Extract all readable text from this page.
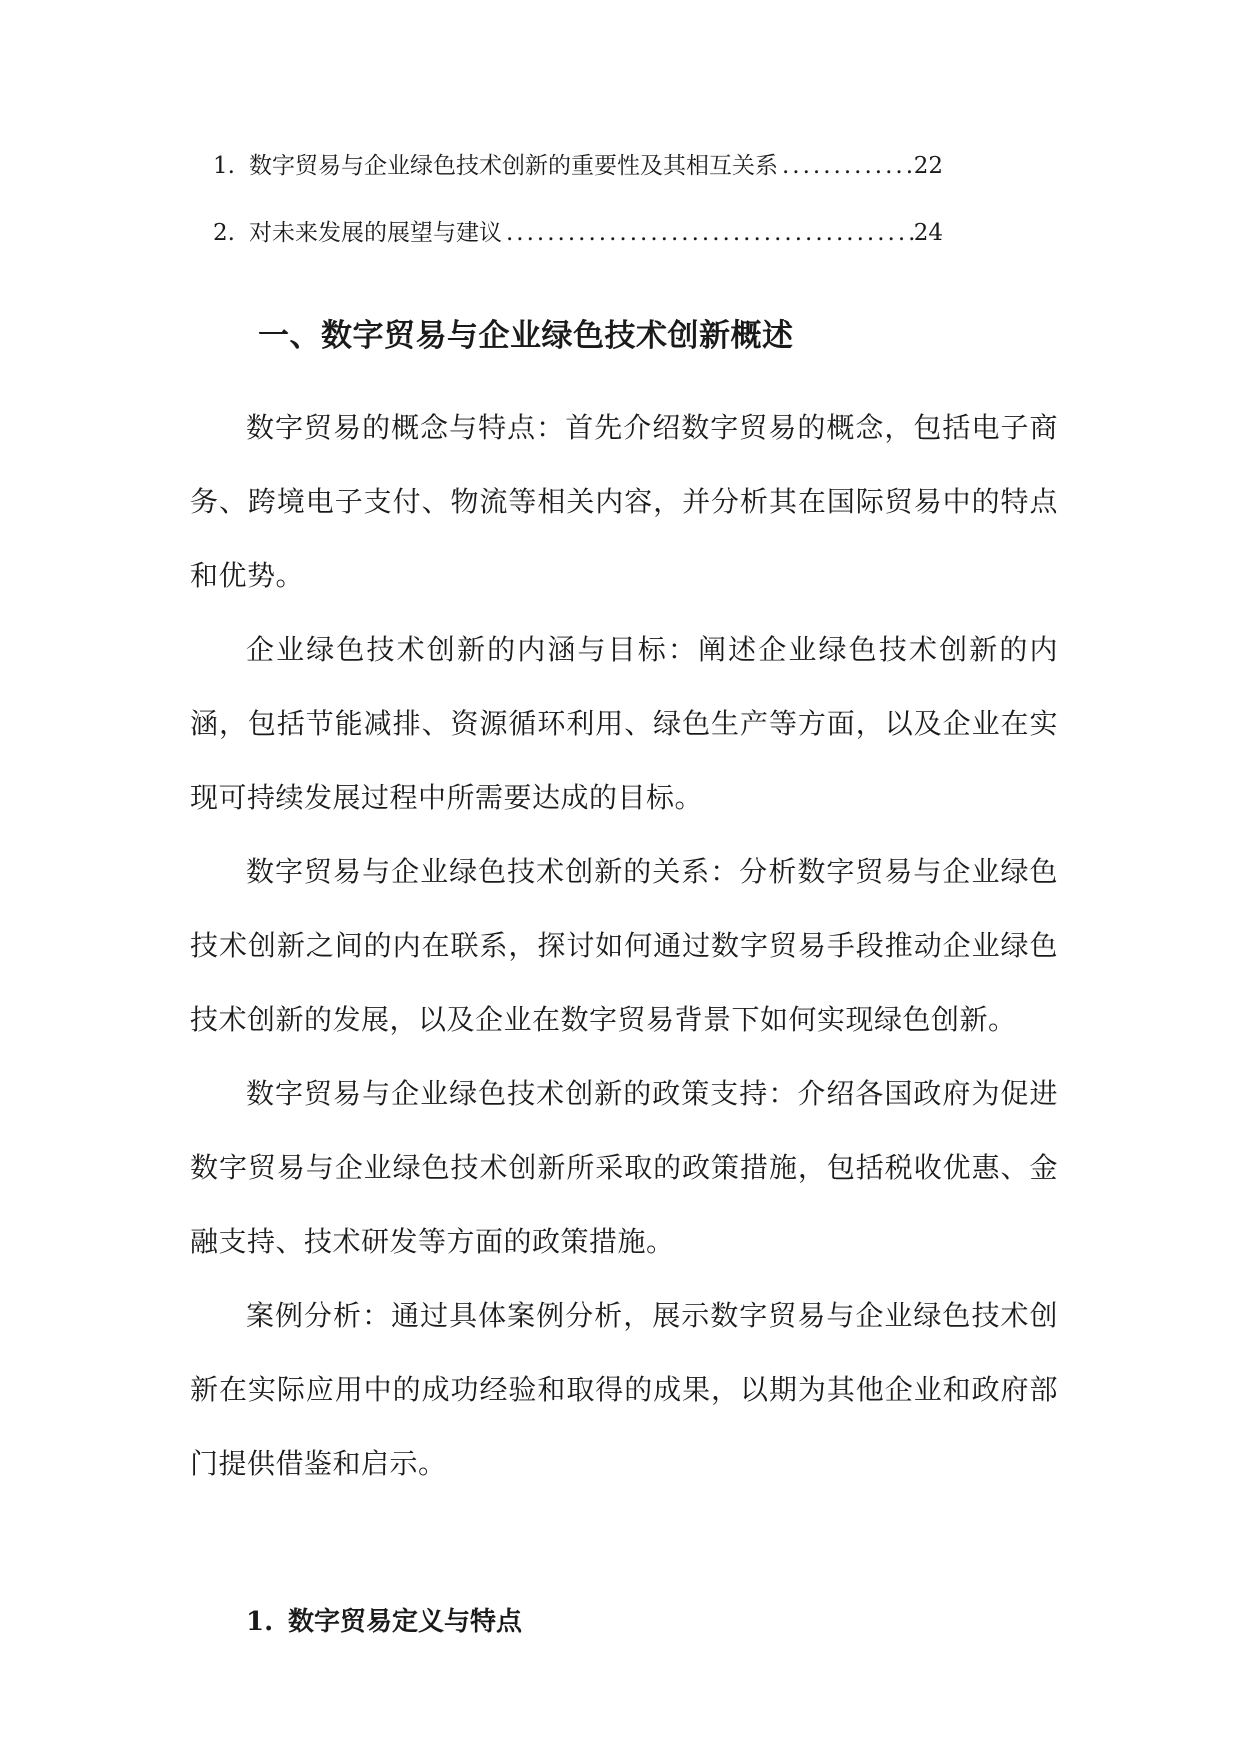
1. 数字贸易与企业绿色技术创新的重要性及其相互关系 .....	22
2. 对未来发展的展望与建议 .....	24
一、数字贸易与企业绿色技术创新概述

数字贸易的概念与特点：首先介绍数字贸易的概念，包括电子商务、跨境电子支付、物流等相关内容，并分析其在国际贸易中的特点和优势。

企业绿色技术创新的内涵与目标：阐述企业绿色技术创新的内涵，包括节能减排、资源循环利用、绿色生产等方面，以及企业在实现可持续发展过程中所需要达成的目标。

数字贸易与企业绿色技术创新的关系：分析数字贸易与企业绿色技术创新之间的内在联系，探讨如何通过数字贸易手段推动企业绿色技术创新的发展，以及企业在数字贸易背景下如何实现绿色创新。

数字贸易与企业绿色技术创新的政策支持：介绍各国政府为促进数字贸易与企业绿色技术创新所采取的政策措施，包括税收优惠、金融支持、技术研发等方面的政策措施。

案例分析：通过具体案例分析，展示数字贸易与企业绿色技术创新在实际应用中的成功经验和取得的成果，以期为其他企业和政府部门提供借鉴和启示。

1. 数字贸易定义与特点
